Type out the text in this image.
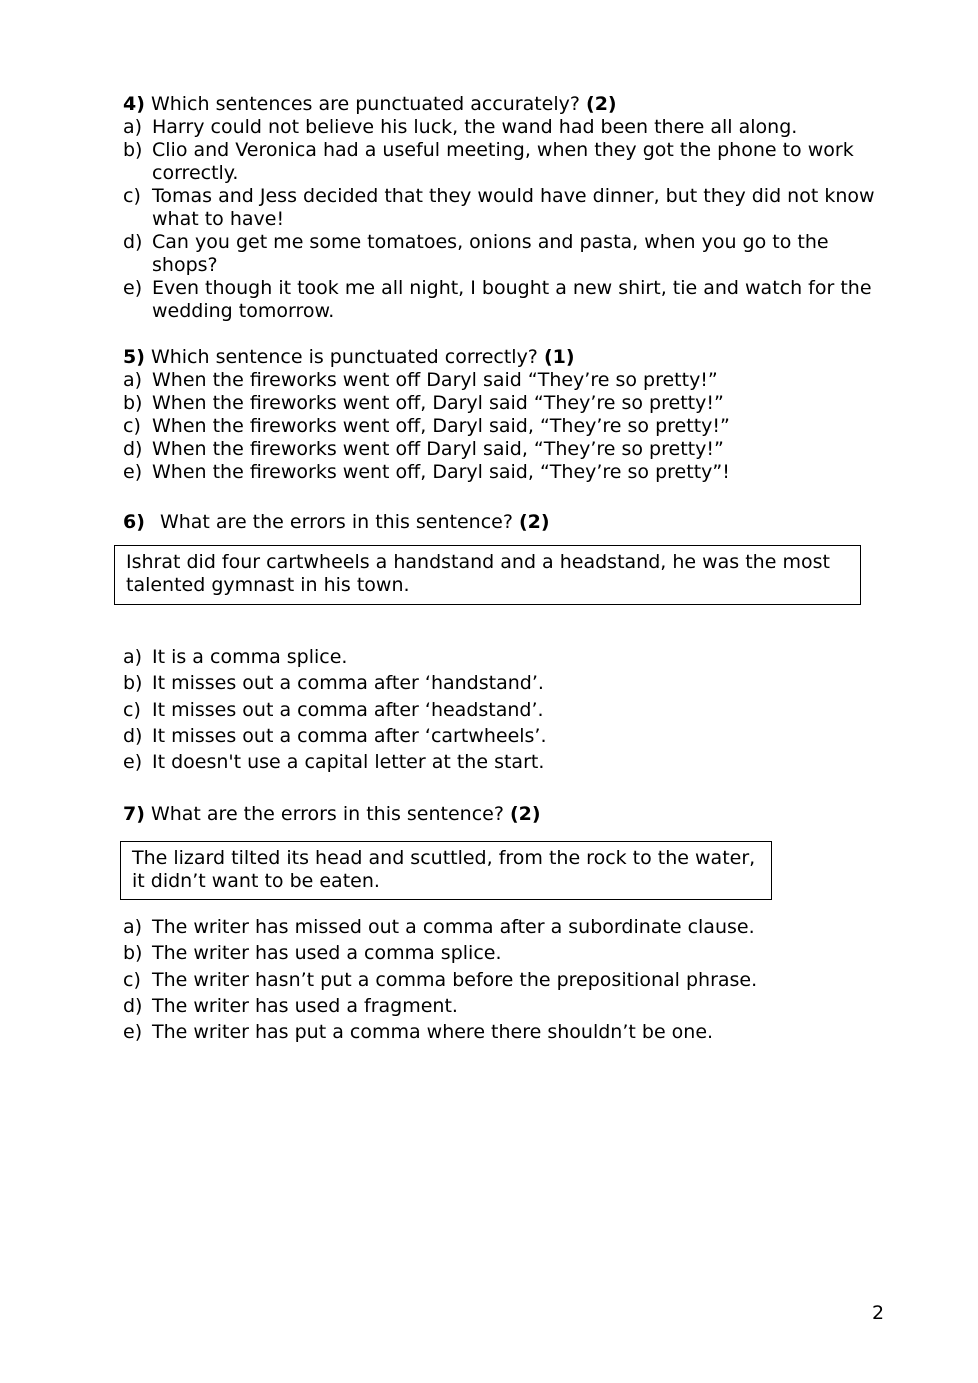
4) Which sentences are punctuated accurately? (2)
a) Harry could not believe his luck, the wand had been there all along.
b) Clio and Veronica had a useful meeting, when they got the phone to work correctly.
c) Tomas and Jess decided that they would have dinner, but they did not know what to have!
d) Can you get me some tomatoes, onions and pasta, when you go to the shops?
e) Even though it took me all night, I bought a new shirt, tie and watch for the wedding tomorrow.
5) Which sentence is punctuated correctly? (1)
a) When the fireworks went off Daryl said “They’re so pretty!”
b) When the fireworks went off, Daryl said “They’re so pretty!”
c) When the fireworks went off, Daryl said, “They’re so pretty!”
d) When the fireworks went off Daryl said, “They’re so pretty!”
e) When the fireworks went off, Daryl said, “They’re so pretty”!
6) What are the errors in this sentence? (2)
Ishrat did four cartwheels a handstand and a headstand, he was the most talented gymnast in his town.
a) It is a comma splice.
b) It misses out a comma after ‘handstand’.
c) It misses out a comma after ‘headstand’.
d) It misses out a comma after ‘cartwheels’.
e) It doesn't use a capital letter at the start.
7) What are the errors in this sentence? (2)
The lizard tilted its head and scuttled, from the rock to the water, it didn’t want to be eaten.
a) The writer has missed out a comma after a subordinate clause.
b) The writer has used a comma splice.
c) The writer hasn’t put a comma before the prepositional phrase.
d) The writer has used a fragment.
e) The writer has put a comma where there shouldn’t be one.
2
